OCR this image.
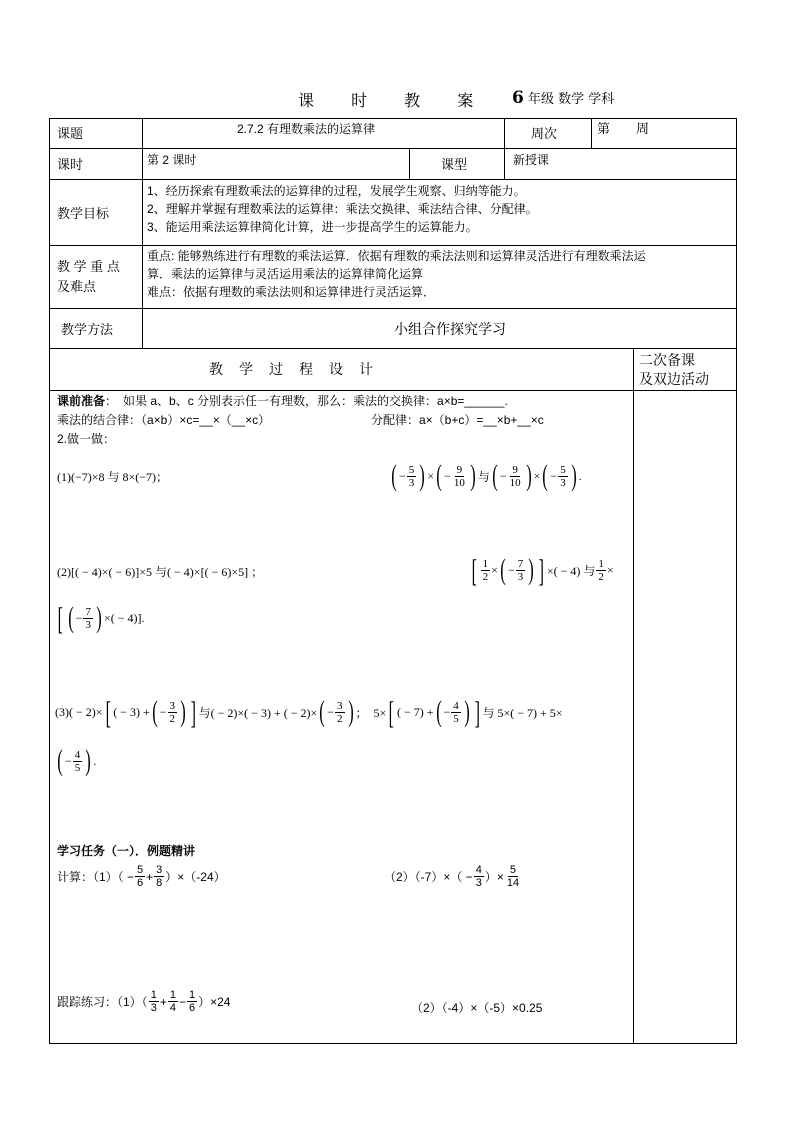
课 时 教 案 6 年级 数学 学科
课题	2.7.2 有理数乘法的运算律	周次	第　　周
课时	第 2 课时	课型	新授课
教学目标
1、经历探索有理数乘法的运算律的过程，发展学生观察、归纳等能力。
2、理解并掌握有理数乘法的运算律：乘法交换律、乘法结合律、分配律。
3、能运用乘法运算律简化计算，进一步提高学生的运算能力。
教 学 重 点
及难点
重点: 能够熟练进行有理数的乘法运算．依据有理数的乘法法则和运算律灵活进行有理数乘法运
算．乘法的运算律与灵活运用乘法的运算律简化运算
难点：依据有理数的乘法法则和运算律进行灵活运算．
教学方法	小组合作探究学习
教　学　过　程　设　计
二次备课
及双边活动
课前准备：　如果 a、b、c 分别表示任一有理数，那么：乘法的交换律：a×b=______.
乘法的结合律：（a×b）×c=__×（__×c）	分配律：a×（b+c）=__×b+__×c
2.做一做：
(1)(−7)×8 与 8×(−7)；	( − $\frac{5}{3}$ ) × ( − $\frac{9}{10}$ ) 与 ( − $\frac{9}{10}$ ) × ( − $\frac{5}{3}$ ) .
(2)[( − 4)×( − 6)]×5 与( − 4)×[( − 6)×5] ；	[ $\frac{1}{2}$ × ( − $\frac{7}{3}$ ) ] ×( − 4) 与 $\frac{1}{2}$ ×
[ ( − $\frac{7}{3}$ ) ×( − 4)].
(3)( − 2)× [ ( − 3) + ( − $\frac{3}{2}$ ) ] 与( − 2)×( − 3) + ( − 2)× ( − $\frac{3}{2}$ ) ；　5× [ ( − 7) + ( − $\frac{4}{5}$ ) ] 与 5×( − 7) + 5×
( − $\frac{4}{5}$ ) .
学习任务（一）．例题精讲
计算：$(1)( - \frac{5}{6} + \frac{3}{8} )\times(-24)$	$(2)(-7)\times( - \frac{4}{3}$ ）× $\frac{5}{14}$
跟踪练习：$(1)( \frac{1}{3} + \frac{1}{4} - \frac{1}{6} )\times 24$	（2）（-4）×（-5）×0.25
